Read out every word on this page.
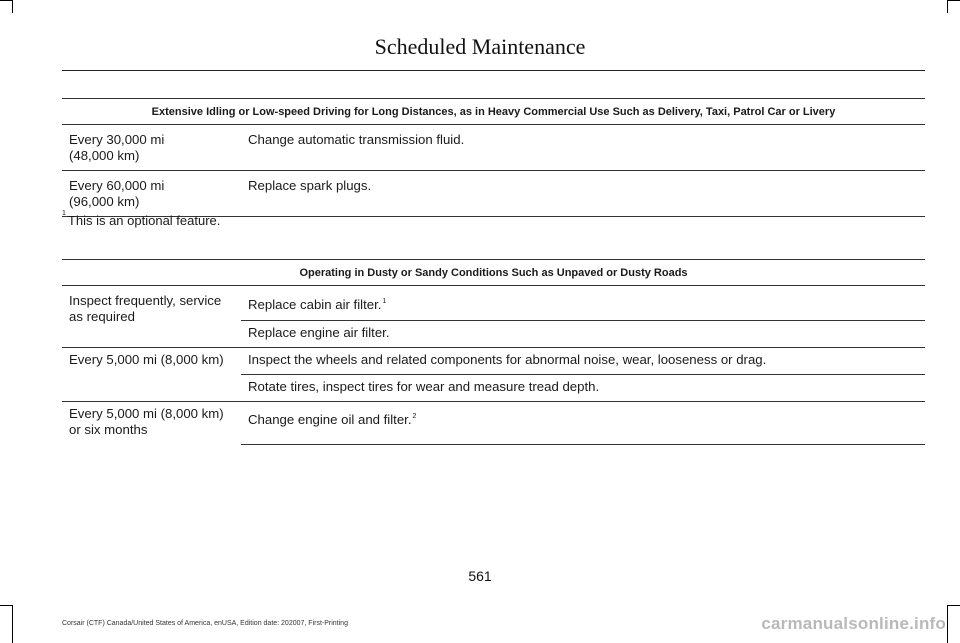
Scheduled Maintenance
Extensive Idling or Low-speed Driving for Long Distances, as in Heavy Commercial Use Such as Delivery, Taxi, Patrol Car or Livery	
Every 30,000 mi
(48,000 km)	Change automatic transmission fluid.
Every 60,000 mi
(96,000 km)	Replace spark plugs.
$^1$ This is an optional feature.
Operating in Dusty or Sandy Conditions Such as Unpaved or Dusty Roads	
Inspect frequently, service
as required	Replace cabin air filter.$^1$
	Replace engine air filter.
Every 5,000 mi (8,000 km)	Inspect the wheels and related components for abnormal noise, wear, looseness or drag.
	Rotate tires, inspect tires for wear and measure tread depth.
Every 5,000 mi (8,000 km)
or six months	Change engine oil and filter.$^2$
561
Corsair (CTF) Canada/United States of America, enUSA, Edition date: 202007, First-Printing	carmanualsonline.info
